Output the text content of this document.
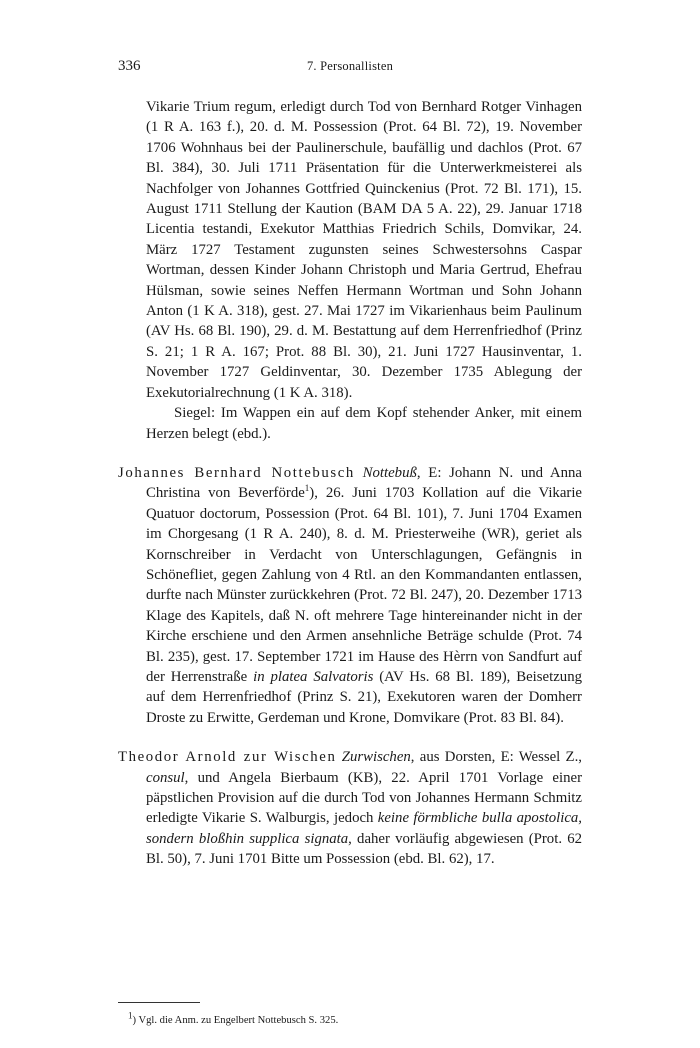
336	7. Personallisten

Vikarie Trium regum, erledigt durch Tod von Bernhard Rotger Vinhagen (1 R A. 163 f.), 20. d. M. Possession (Prot. 64 Bl. 72), 19. November 1706 Wohnhaus bei der Paulinerschule, baufällig und dachlos (Prot. 67 Bl. 384), 30. Juli 1711 Präsentation für die Unterwerkmeisterei als Nachfolger von Johannes Gottfried Quinckenius (Prot. 72 Bl. 171), 15. August 1711 Stellung der Kaution (BAM DA 5 A. 22), 29. Januar 1718 Licentia testandi, Exekutor Matthias Friedrich Schils, Domvikar, 24. März 1727 Testament zugunsten seines Schwestersohns Caspar Wortman, dessen Kinder Johann Christoph und Maria Gertrud, Ehefrau Hülsman, sowie seines Neffen Hermann Wortman und Sohn Johann Anton (1 K A. 318), gest. 27. Mai 1727 im Vikarienhaus beim Paulinum (AV Hs. 68 Bl. 190), 29. d. M. Bestattung auf dem Herrenfriedhof (Prinz S. 21; 1 R A. 167; Prot. 88 Bl. 30), 21. Juni 1727 Hausinventar, 1. November 1727 Geldinventar, 30. Dezember 1735 Ablegung der Exekutorialrechnung (1 K A. 318).

Siegel: Im Wappen ein auf dem Kopf stehender Anker, mit einem Herzen belegt (ebd.).

Johannes Bernhard Nottebusch Nottebuß, E: Johann N. und Anna Christina von Beverförde$^1$), 26. Juni 1703 Kollation auf die Vikarie Quatuor doctorum, Possession (Prot. 64 Bl. 101), 7. Juni 1704 Examen im Chorgesang (1 R A. 240), 8. d. M. Priesterweihe (WR), geriet als Kornschreiber in Verdacht von Unterschlagungen, Gefängnis in Schönefliet, gegen Zahlung von 4 Rtl. an den Kommandanten entlassen, durfte nach Münster zurückkehren (Prot. 72 Bl. 247), 20. Dezember 1713 Klage des Kapitels, daß N. oft mehrere Tage hintereinander nicht in der Kirche erschiene und den Armen ansehnliche Beträge schulde (Prot. 74 Bl. 235), gest. 17. September 1721 im Hause des Hèrrn von Sandfurt auf der Herrenstraße in platea Salvatoris (AV Hs. 68 Bl. 189), Beisetzung auf dem Herrenfriedhof (Prinz S. 21), Exekutoren waren der Domherr Droste zu Erwitte, Gerdeman und Krone, Domvikare (Prot. 83 Bl. 84).

Theodor Arnold zur Wischen Zurwischen, aus Dorsten, E: Wessel Z., consul, und Angela Bierbaum (KB), 22. April 1701 Vorlage einer päpstlichen Provision auf die durch Tod von Johannes Hermann Schmitz erledigte Vikarie S. Walburgis, jedoch keine förmbliche bulla apostolica, sondern bloßhin supplica signata, daher vorläufig abgewiesen (Prot. 62 Bl. 50), 7. Juni 1701 Bitte um Possession (ebd. Bl. 62), 17.

$^1$) Vgl. die Anm. zu Engelbert Nottebusch S. 325.
